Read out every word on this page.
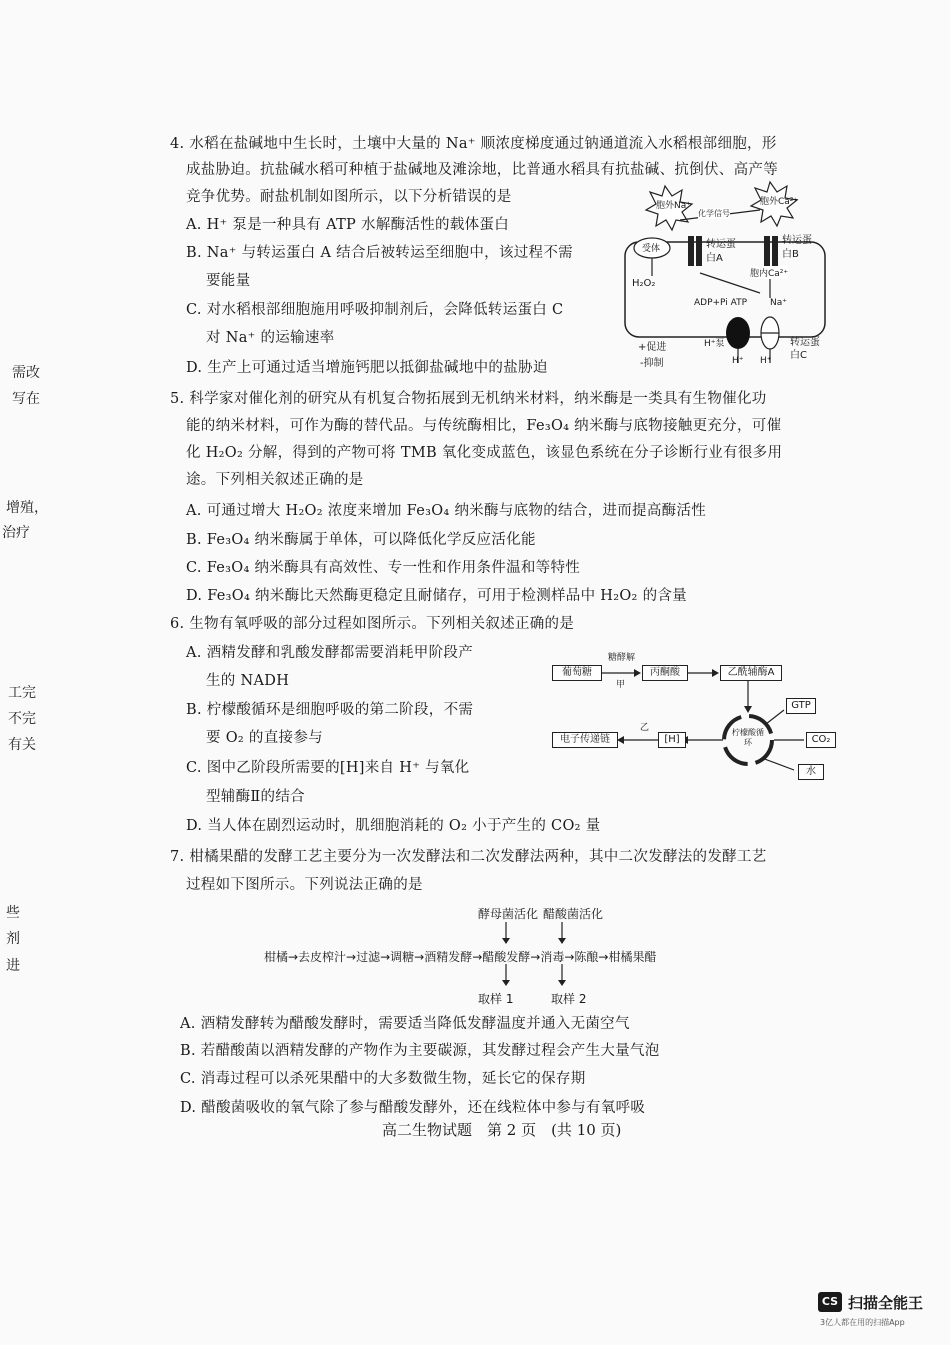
需改
写在
增殖，
治疗
工完
不完
有关
些
剂
进
4. 水稻在盐碱地中生长时，土壤中大量的 Na⁺ 顺浓度梯度通过钠通道流入水稻根部细胞，形
成盐胁迫。抗盐碱水稻可种植于盐碱地及滩涂地，比普通水稻具有抗盐碱、抗倒伏、高产等
竞争优势。耐盐机制如图所示，以下分析错误的是
A. H⁺ 泵是一种具有 ATP 水解酶活性的载体蛋白
B. Na⁺ 与转运蛋白 A 结合后被转运至细胞中，该过程不需
要能量
C. 对水稻根部细胞施用呼吸抑制剂后，会降低转运蛋白 C
对 Na⁺ 的运输速率
D. 生产上可通过适当增施钙肥以抵御盐碱地中的盐胁迫
胞外Na⁺	胞外Ca²⁺
受体
化学信号
H₂O₂
转运蛋白A
转运蛋白B
胞内Ca²⁺
ADP+Pi ATP	Na⁺
H⁺泵
H⁺ H⁺
转运蛋白C
+促进
-抑制
5. 科学家对催化剂的研究从有机复合物拓展到无机纳米材料，纳米酶是一类具有生物催化功
能的纳米材料，可作为酶的替代品。与传统酶相比，Fe₃O₄ 纳米酶与底物接触更充分，可催
化 H₂O₂ 分解，得到的产物可将 TMB 氧化变成蓝色，该显色系统在分子诊断行业有很多用
途。下列相关叙述正确的是
A. 可通过增大 H₂O₂ 浓度来增加 Fe₃O₄ 纳米酶与底物的结合，进而提高酶活性
B. Fe₃O₄ 纳米酶属于单体，可以降低化学反应活化能
C. Fe₃O₄ 纳米酶具有高效性、专一性和作用条件温和等特性
D. Fe₃O₄ 纳米酶比天然酶更稳定且耐储存，可用于检测样品中 H₂O₂ 的含量
6. 生物有氧呼吸的部分过程如图所示。下列相关叙述正确的是
A. 酒精发酵和乳酸发酵都需要消耗甲阶段产
生的 NADH
B. 柠檬酸循环是细胞呼吸的第二阶段，不需
要 O₂ 的直接参与
C. 图中乙阶段所需要的[H]来自 H⁺ 与氧化
型辅酶Ⅱ的结合
D. 当人体在剧烈运动时，肌细胞消耗的 O₂ 小于产生的 CO₂ 量
葡萄糖
糖酵解
甲
丙酮酸	乙酰辅酶A
GTP
CO₂
水
柠檬酸循环
[H]
乙
电子传递链
7. 柑橘果醋的发酵工艺主要分为一次发酵法和二次发酵法两种，其中二次发酵法的发酵工艺
过程如下图所示。下列说法正确的是
酵母菌活化 醋酸菌活化
柑橘→去皮榨汁→过滤→调糖→酒精发酵→醋酸发酵→消毒→陈酿→柑橘果醋
取样 1	取样 2
A. 酒精发酵转为醋酸发酵时，需要适当降低发酵温度并通入无菌空气
B. 若醋酸菌以酒精发酵的产物作为主要碳源，其发酵过程会产生大量气泡
C. 消毒过程可以杀死果醋中的大多数微生物，延长它的保存期
D. 醋酸菌吸收的氧气除了参与醋酸发酵外，还在线粒体中参与有氧呼吸
高二生物试题　第 2 页　(共 10 页)
CS 扫描全能王
3亿人都在用的扫描App
